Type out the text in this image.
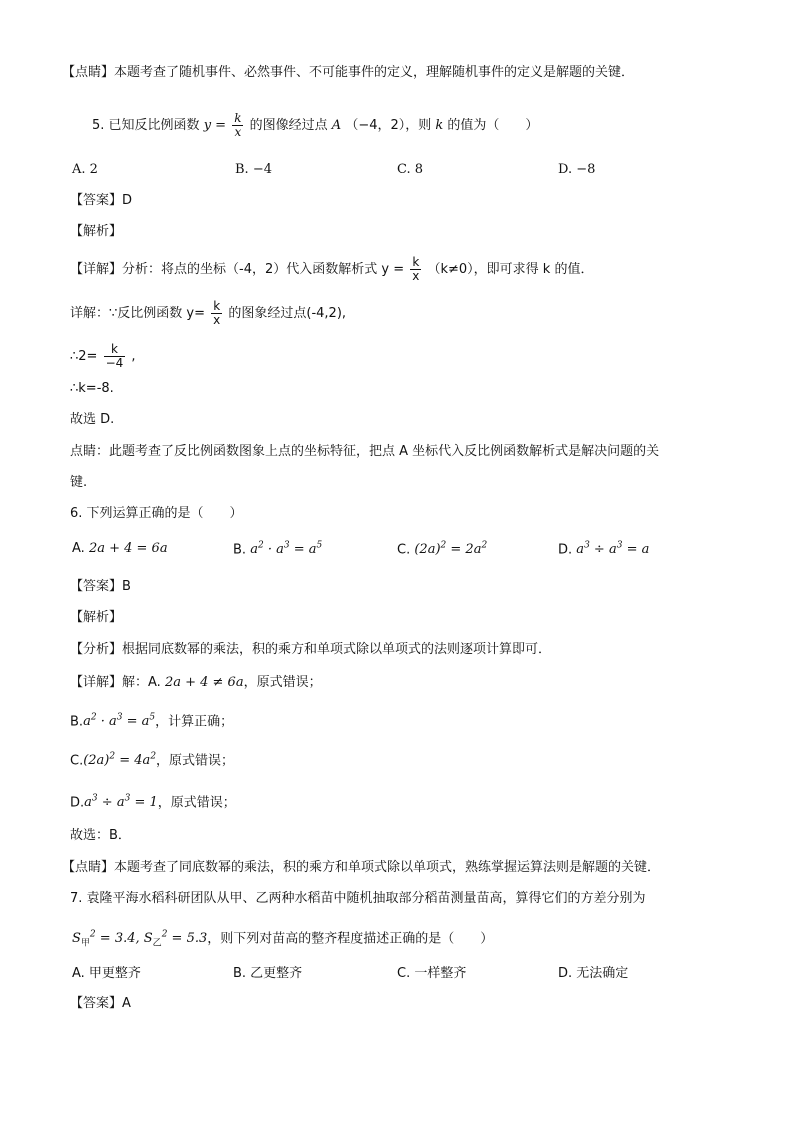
【点睛】本题考查了随机事件、必然事件、不可能事件的定义，理解随机事件的定义是解题的关键．
5. 已知反比例函数 $y = \frac{k}{x}$ 的图像经过点 A （−4，2），则 k 的值为（　　）
A. 2	B. −4	C. 8	D. −8
【答案】D
【解析】
【详解】分析：将点的坐标（-4，2）代入函数解析式 $y = \frac{k}{x} (k\ne 0)$，即可求得 k 的值．
详解：∵反比例函数 $y= \frac{k}{x}$ 的图象经过点(-4,2),
∴2= $\frac{k}{-4}$ ,
∴k=-8.
故选 D.
点睛：此题考查了反比例函数图象上点的坐标特征，把点 A 坐标代入反比例函数解析式是解决问题的关
键.
6. 下列运算正确的是（　　）
A. 2a + 4 = 6a	B. $a^2 \cdot a^3 = a^5$	C. $(2a)^2 = 2a^2$	D. $a^3 \div a^3 = a$
【答案】B
【解析】
【分析】根据同底数幂的乘法，积的乘方和单项式除以单项式的法则逐项计算即可．
【详解】解：A. 2a + 4 ≠ 6a，原式错误；
$B.a^2 \cdot a^3 = a^5$，计算正确；
$C.(2a)^2 = 4a^2$，原式错误；
$D.a^3 \div a^3 = 1$，原式错误；
故选：B．
【点睛】本题考查了同底数幂的乘法，积的乘方和单项式除以单项式，熟练掌握运算法则是解题的关键．
7. 袁隆平海水稻科研团队从甲、乙两种水稻苗中随机抽取部分稻苗测量苗高，算得它们的方差分别为
$S_甲^2 = 3.4$, $S_乙^2 = 5.3$，则下列对苗高的整齐程度描述正确的是（　　）
A. 甲更整齐	B. 乙更整齐	C. 一样整齐	D. 无法确定
【答案】A
